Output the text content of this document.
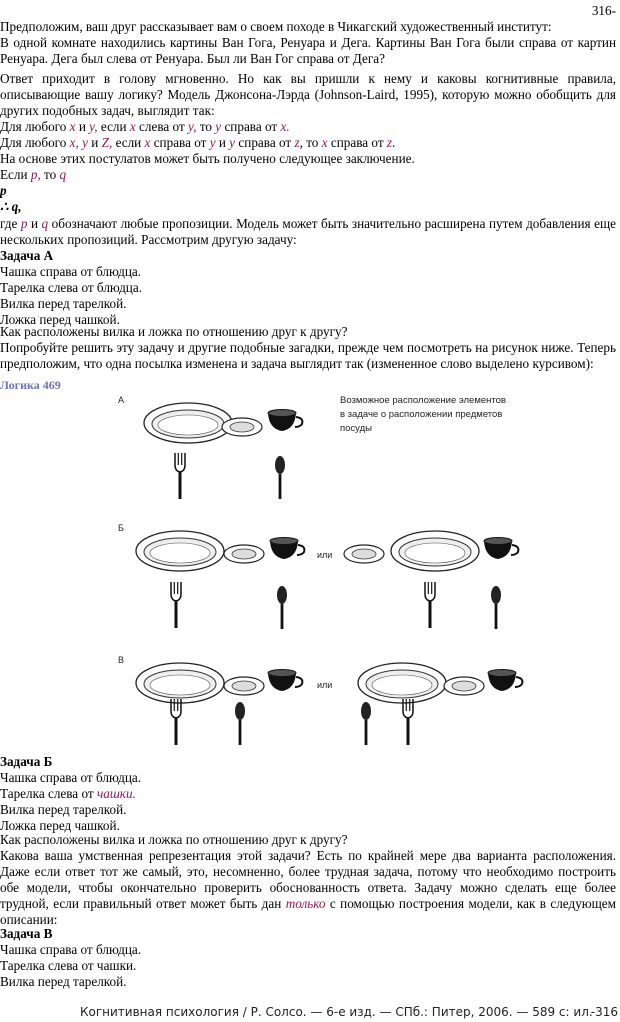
316-
Предположим, ваш друг рассказывает вам о своем походе в Чикагский художественный институт:
В одной комнате находились картины Ван Гога, Ренуара и Дега. Картины Ван Гога были справа от картин
Ренуара. Дега был слева от Ренуара. Был ли Ван Гог справа от Дега?
Ответ приходит в голову мгновенно. Но как вы пришли к нему и каковы когнитивные правила,
описывающие вашу логику? Модель Джонсона-Лэрда (Johnson-Laird, 1995), которую можно обобщить для
других подобных задач, выглядит так:
Для любого x и y, если x слева от у, то y справа от х.
Для любого х, у и Z, если х справа от у и у справа от z, то х справа от z.
На основе этих постулатов может быть получено следующее заключение.
Если p, то q
p
∴ q,
где р и q обозначают любые пропозиции. Модель может быть значительно расширена путем добавления еще
нескольких пропозиций. Рассмотрим другую задачу:
Задача А
Чашка справа от блюдца.
Тарелка слева от блюдца.
Вилка перед тарелкой.
Ложка перед чашкой.
Как расположены вилка и ложка по отношению друг к другу?
Попробуйте решить эту задачу и другие подобные загадки, прежде чем посмотреть на рисунок ниже. Теперь
предположим, что одна посылка изменена и задача выглядит так (измененное слово выделено курсивом):
Логика 469
Возможное расположение элементов
в задаче о расположении предметов
посуды
А
Б
или
В
или
Задача Б
Чашка справа от блюдца.
Тарелка слева от чашки.
Вилка перед тарелкой.
Ложка перед чашкой.
Как расположены вилка и ложка по отношению друг к другу?
Какова ваша умственная репрезентация этой задачи? Есть по крайней мере два варианта расположения.
Даже если ответ тот же самый, это, несомненно, более трудная задача, потому что необходимо построить
обе модели, чтобы окончательно проверить обоснованность ответа. Задачу можно сделать еще более
трудной, если правильный ответ может быть дан только с помощью построения модели, как в следующем
описании:
Задача В
Чашка справа от блюдца.
Тарелка слева от чашки.
Вилка перед тарелкой.
Когнитивная психология / Р. Солсо. — 6-е изд. — СПб.: Питер, 2006. — 589 с: ил.
-316
